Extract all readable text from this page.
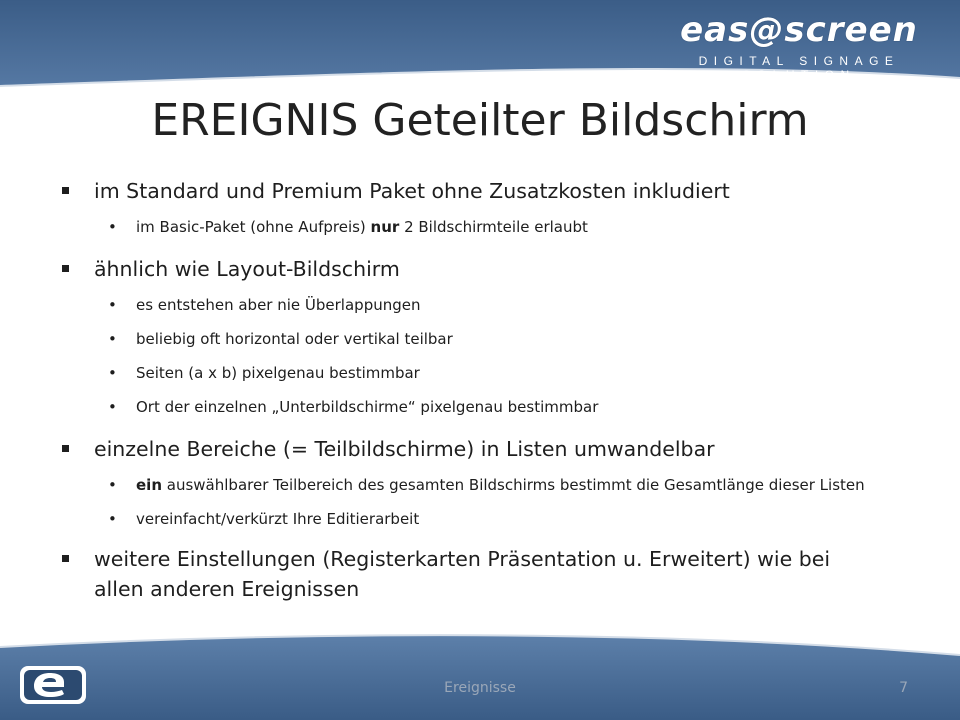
eas@screen
DIGITAL SIGNAGE SOLUTION
EREIGNIS Geteilter Bildschirm
im Standard und Premium Paket ohne Zusatzkosten inkludiert
• im Basic-Paket (ohne Aufpreis) nur 2 Bildschirmteile erlaubt
ähnlich wie Layout-Bildschirm
• es entstehen aber nie Überlappungen
• beliebig oft horizontal oder vertikal teilbar
• Seiten (a x b) pixelgenau bestimmbar
• Ort der einzelnen „Unterbildschirme“ pixelgenau bestimmbar
einzelne Bereiche (= Teilbildschirme) in Listen umwandelbar
• ein auswählbarer Teilbereich des gesamten Bildschirms bestimmt die Gesamtlänge dieser Listen
• vereinfacht/verkürzt Ihre Editierarbeit
weitere Einstellungen (Registerkarten Präsentation u. Erweitert) wie bei allen anderen Ereignissen
Ereignisse	7
